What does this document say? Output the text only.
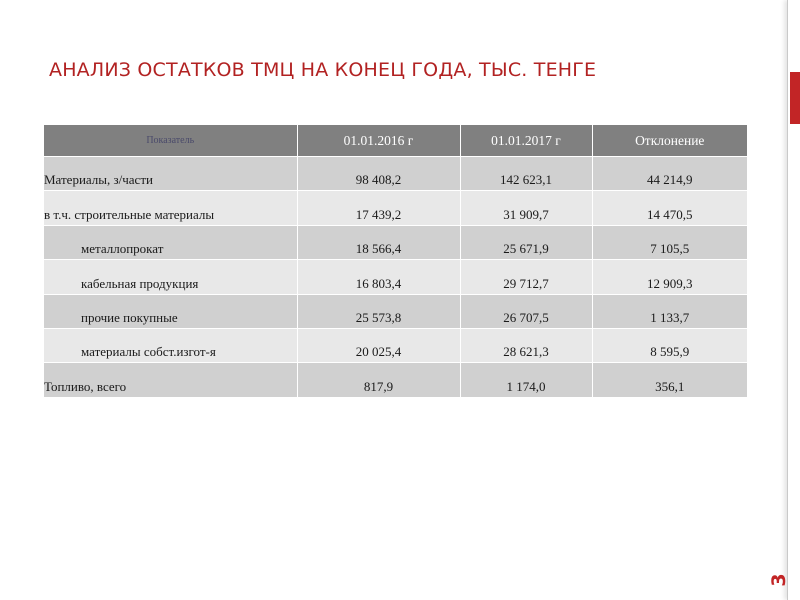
АНАЛИЗ ОСТАТКОВ ТМЦ НА КОНЕЦ ГОДА, ТЫС. ТЕНГЕ
Показатель	01.01.2016 г	01.01.2017 г	Отклонение
Материалы, з/части	98 408,2	142 623,1	44 214,9
в т.ч. строительные материалы	17 439,2	31 909,7	14 470,5
металлопрокат	18 566,4	25 671,9	7 105,5
кабельная продукция	16 803,4	29 712,7	12 909,3
прочие покупные	25 573,8	26 707,5	1 133,7
материалы собст.изгот-я	20 025,4	28 621,3	8 595,9
Топливо, всего	817,9	1 174,0	356,1
3
